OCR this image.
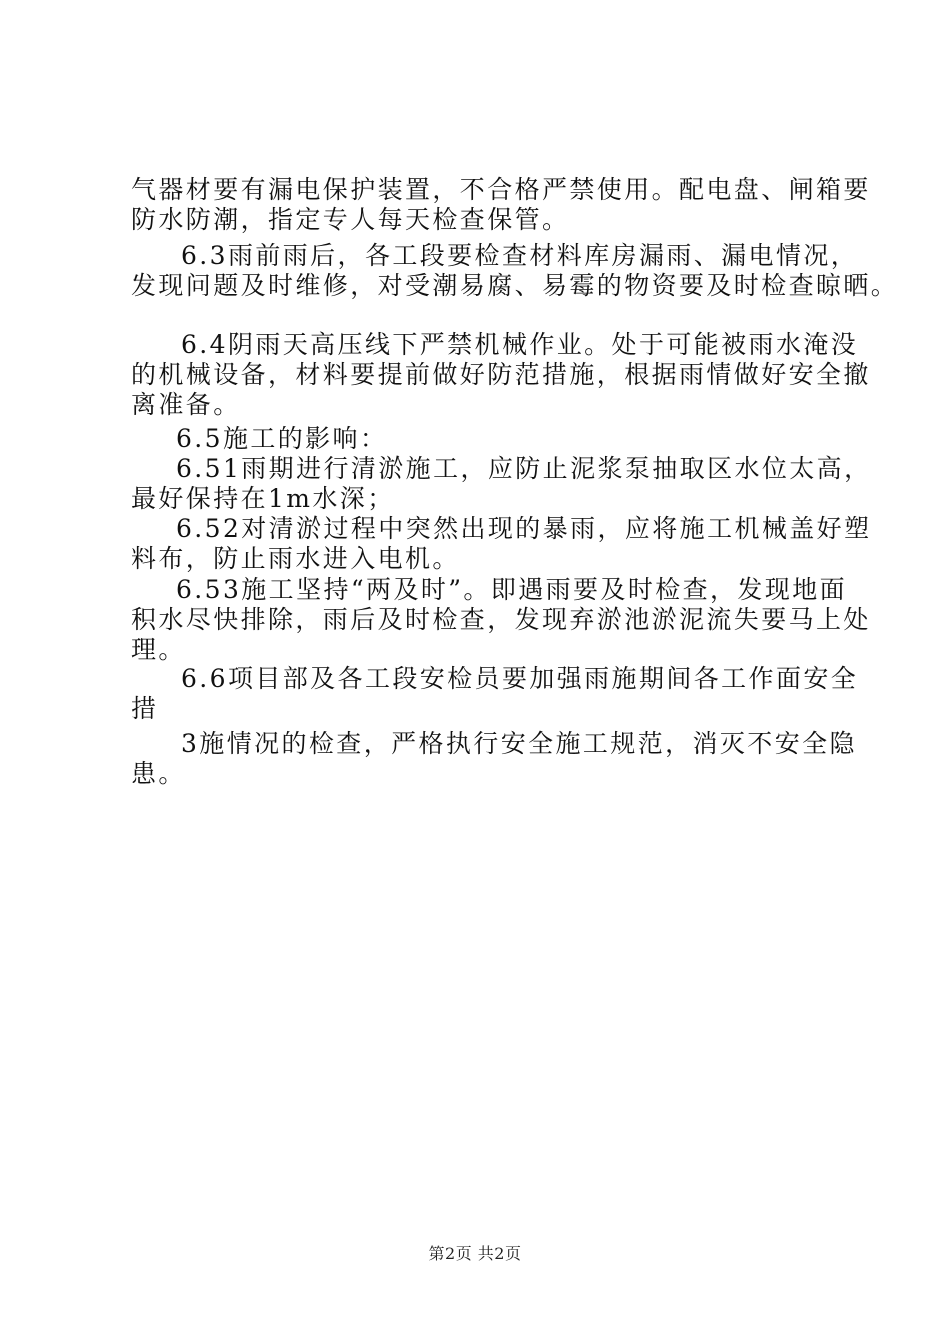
气器材要有漏电保护装置，不合格严禁使用。配电盘、闸箱要
防水防潮，指定专人每天检查保管。
6.3雨前雨后，各工段要检查材料库房漏雨、漏电情况，
发现问题及时维修，对受潮易腐、易霉的物资要及时检查晾晒。
6.4阴雨天高压线下严禁机械作业。处于可能被雨水淹没
的机械设备，材料要提前做好防范措施，根据雨情做好安全撤
离准备。
6.5施工的影响：
6.51雨期进行清淤施工，应防止泥浆泵抽取区水位太高，
最好保持在1m水深；
6.52对清淤过程中突然出现的暴雨，应将施工机械盖好塑
料布，防止雨水进入电机。
6.53施工坚持“两及时”。即遇雨要及时检查，发现地面
积水尽快排除，雨后及时检查，发现弃淤池淤泥流失要马上处
理。
6.6项目部及各工段安检员要加强雨施期间各工作面安全
措
3施情况的检查，严格执行安全施工规范，消灭不安全隐
患。
第2页 共2页
